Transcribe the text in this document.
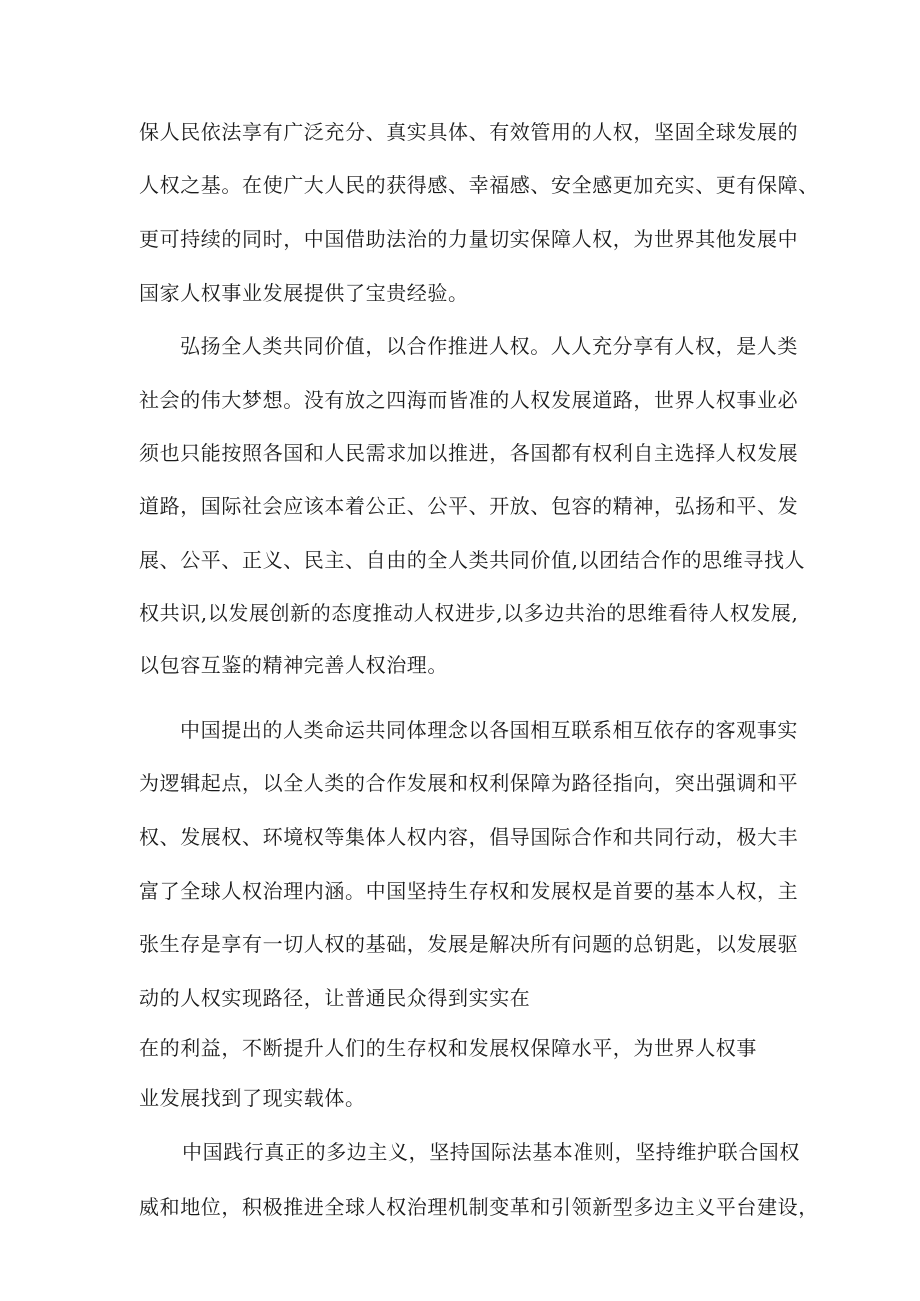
保人民依法享有广泛充分、真实具体、有效管用的人权，坚固全球发展的
人权之基。在使广大人民的获得感、幸福感、安全感更加充实、更有保障、
更可持续的同时，中国借助法治的力量切实保障人权，为世界其他发展中
国家人权事业发展提供了宝贵经验。
弘扬全人类共同价值，以合作推进人权。人人充分享有人权，是人类
社会的伟大梦想。没有放之四海而皆准的人权发展道路，世界人权事业必
须也只能按照各国和人民需求加以推进，各国都有权利自主选择人权发展
道路，国际社会应该本着公正、公平、开放、包容的精神，弘扬和平、发
展、公平、正义、民主、自由的全人类共同价值,以团结合作的思维寻找人
权共识,以发展创新的态度推动人权进步,以多边共治的思维看待人权发展,
以包容互鉴的精神完善人权治理。
中国提出的人类命运共同体理念以各国相互联系相互依存的客观事实
为逻辑起点，以全人类的合作发展和权利保障为路径指向，突出强调和平
权、发展权、环境权等集体人权内容，倡导国际合作和共同行动，极大丰
富了全球人权治理内涵。中国坚持生存权和发展权是首要的基本人权，主
张生存是享有一切人权的基础，发展是解决所有问题的总钥匙，以发展驱
动的人权实现路径，让普通民众得到实实在
在的利益，不断提升人们的生存权和发展权保障水平，为世界人权事
业发展找到了现实载体。
中国践行真正的多边主义，坚持国际法基本准则，坚持维护联合国权
威和地位，积极推进全球人权治理机制变革和引领新型多边主义平台建设，
